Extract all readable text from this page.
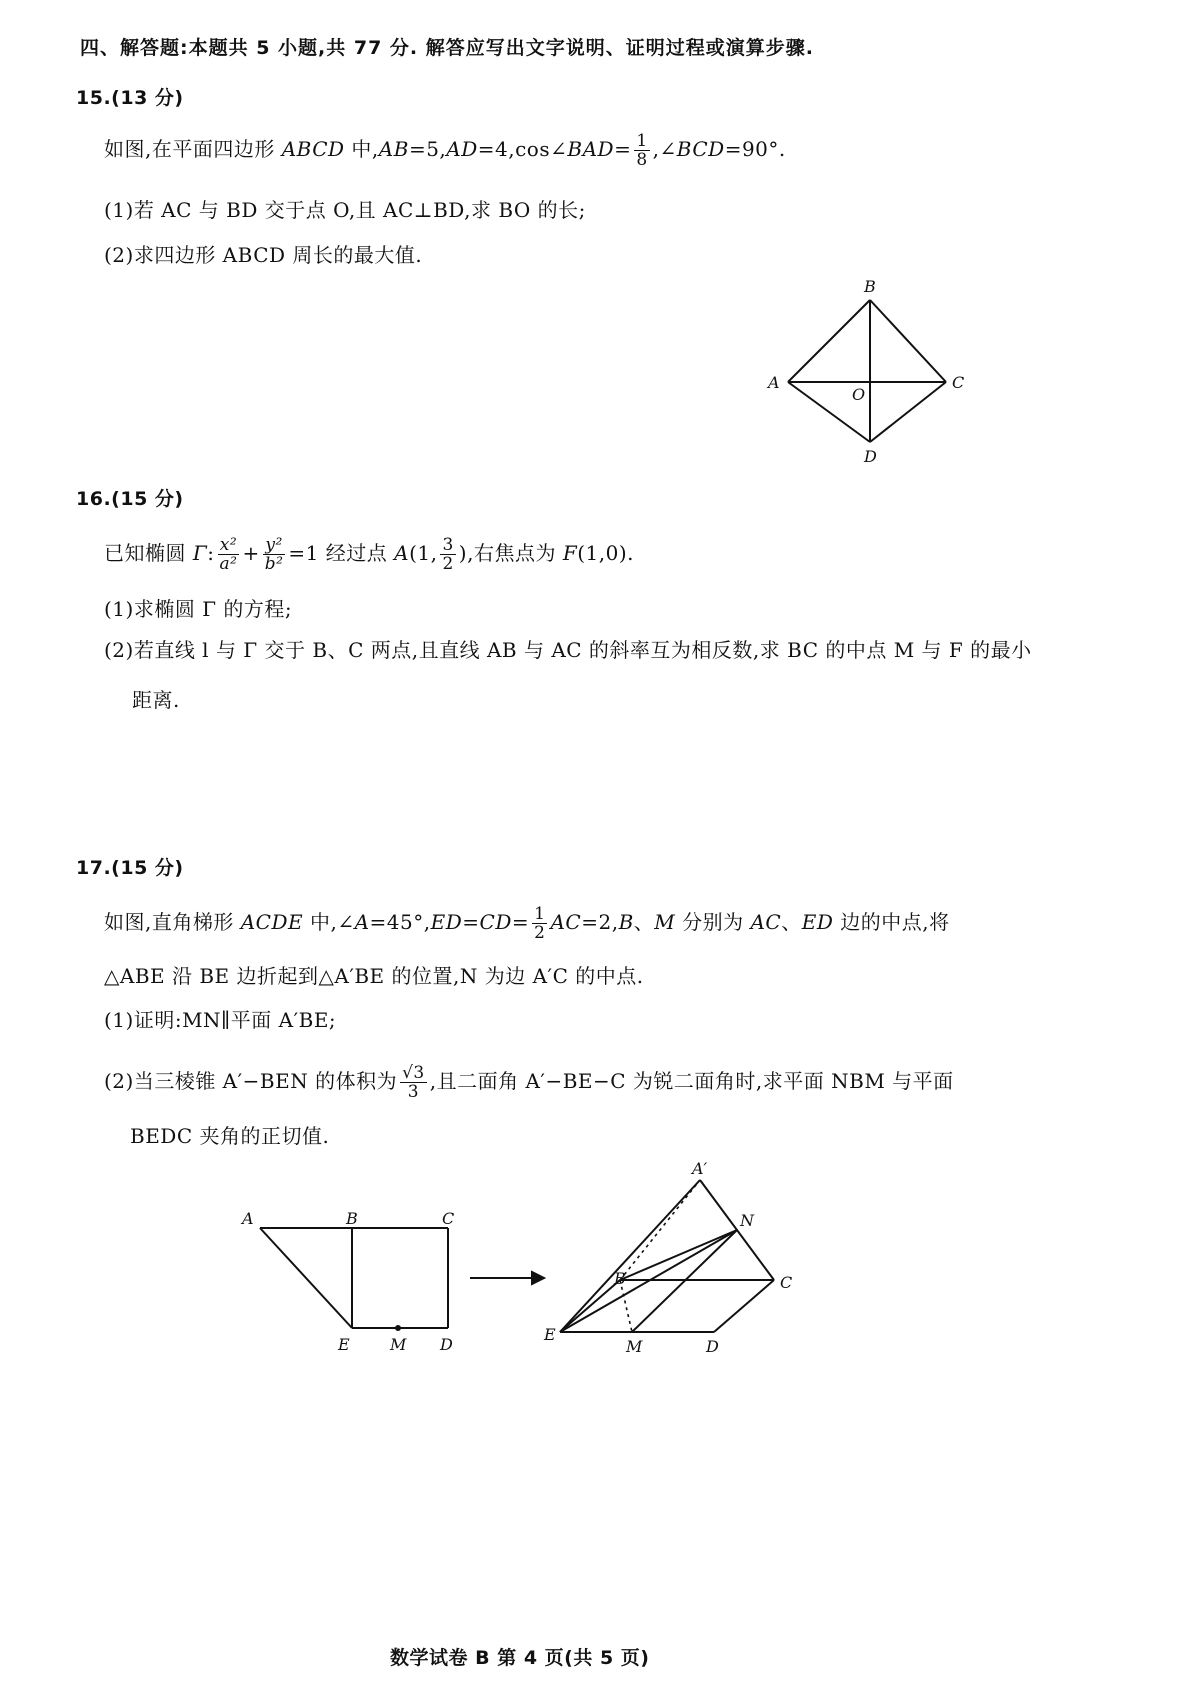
四、解答题:本题共 5 小题,共 77 分. 解答应写出文字说明、证明过程或演算步骤.
15.(13 分)
如图,在平面四边形 ABCD 中,AB=5,AD=4,cos∠BAD= $\frac{1}{8}$ ,∠BCD=90°.
(1)若 AC 与 BD 交于点 O,且 AC⊥BD,求 BO 的长;
(2)求四边形 ABCD 周长的最大值.
B
A	C
O
D
16.(15 分)
已知椭圆 Γ: $\frac{\text{x²}}{\text{a²}} + \frac{\text{y²}}{\text{b²}} =1$ 经过点 A(1, $\frac{3}{2}$ ),右焦点为 F(1,0).
(1)求椭圆 Γ 的方程;
(2)若直线 l 与 Γ 交于 B、C 两点,且直线 AB 与 AC 的斜率互为相反数,求 BC 的中点 M 与 F 的最小
距离.
17.(15 分)
如图,直角梯形 ACDE 中,∠A=45°,ED=CD= $\frac{1}{2} AC=2,B$、M 分别为 AC、ED 边的中点,将
△ABE 沿 BE 边折起到△A′BE 的位置,N 为边 A′C 的中点.
(1)证明:MN∥平面 A′BE;
(2)当三棱锥 A′−BEN 的体积为 $\frac{√3}{3}$ ,且二面角 A′−BE−C 为锐二面角时,求平面 NBM 与平面
BEDC 夹角的正切值.
A	B	C
E	M D
A′
N
B	C
E
M	D
数学试卷 B 第 4 页(共 5 页)
